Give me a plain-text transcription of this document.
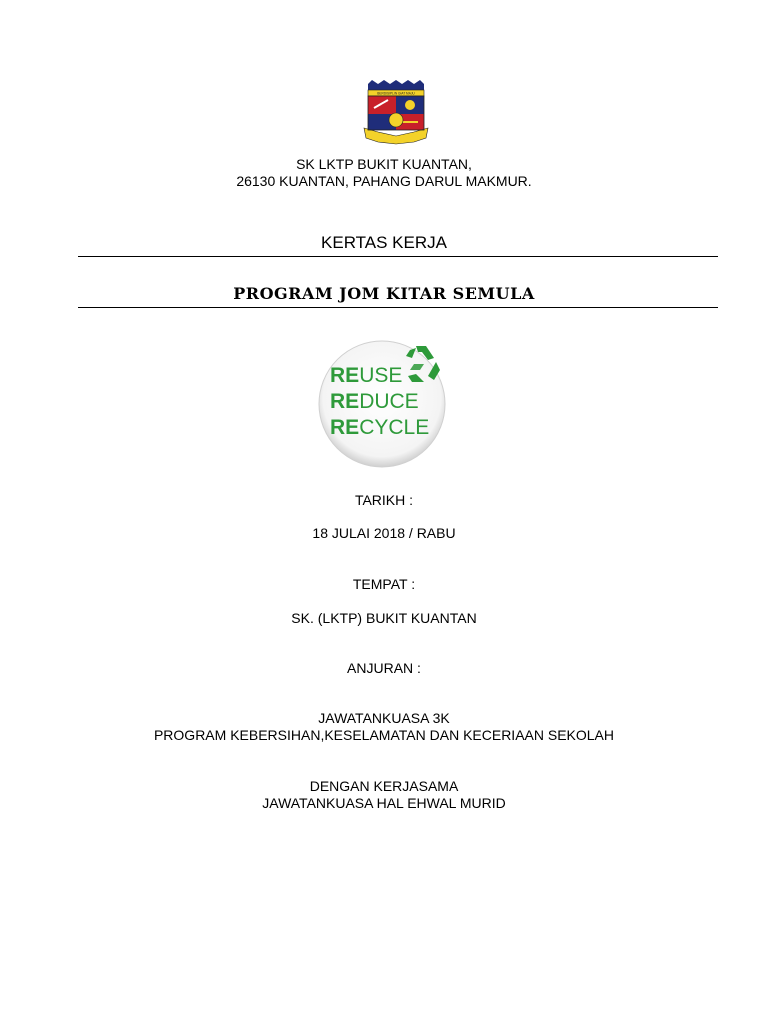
BERDISIPLIN GIAT MAJU
SK LKTP BUKIT KUANTAN,
26130 KUANTAN, PAHANG DARUL MAKMUR.
KERTAS KERJA
PROGRAM JOM KITAR SEMULA
REUSE
REDUCE
RECYCLE
TARIKH :
18 JULAI 2018 / RABU
TEMPAT :
SK. (LKTP) BUKIT KUANTAN
ANJURAN :
JAWATANKUASA 3K
PROGRAM KEBERSIHAN,KESELAMATAN DAN KECERIAAN SEKOLAH
DENGAN KERJASAMA
JAWATANKUASA HAL EHWAL MURID
